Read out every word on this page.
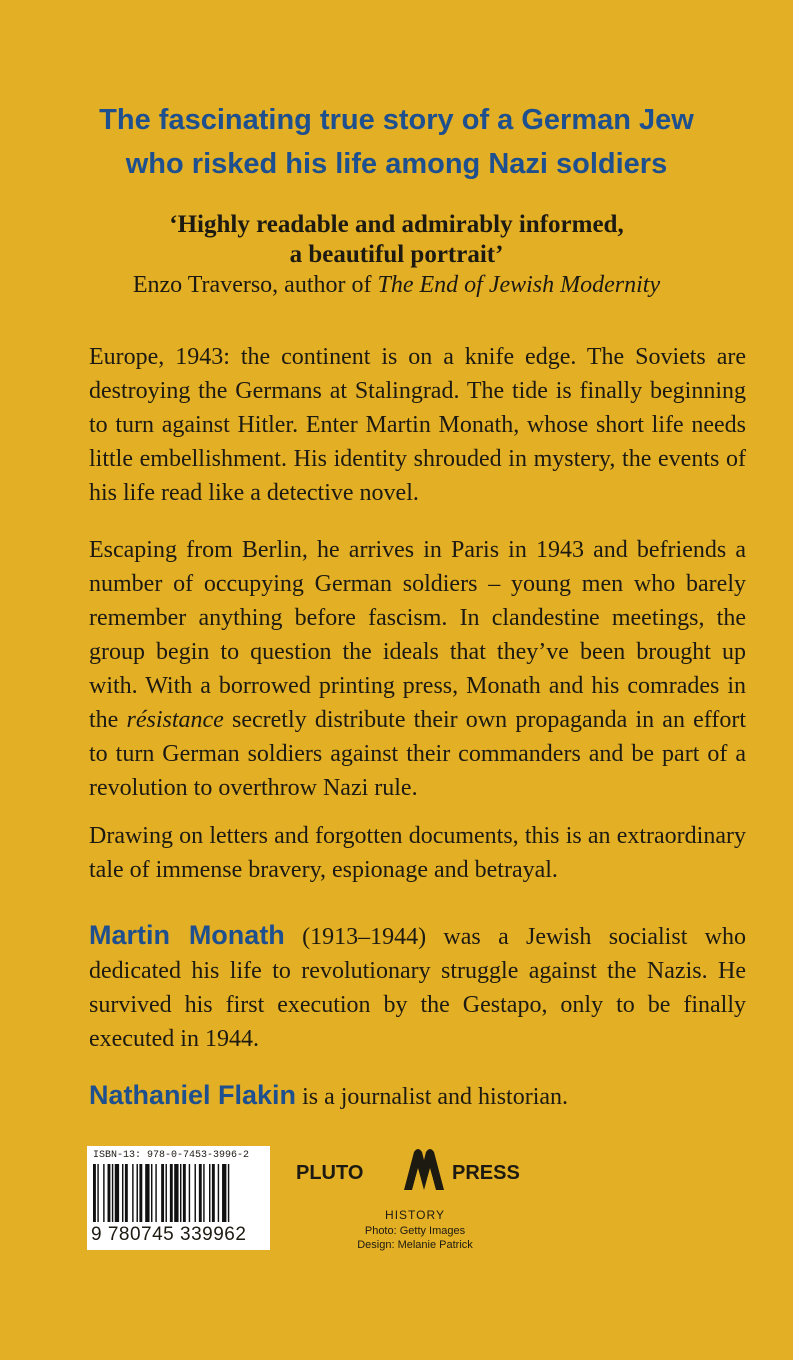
The fascinating true story of a German Jew
who risked his life among Nazi soldiers
‘Highly readable and admirably informed,
a beautiful portrait’
Enzo Traverso, author of The End of Jewish Modernity

Europe, 1943: the continent is on a knife edge. The Soviets are destroying the Germans at Stalingrad. The tide is finally beginning to turn against Hitler. Enter Martin Monath, whose short life needs little embellishment. His identity shrouded in mystery, the events of his life read like a detective novel.

Escaping from Berlin, he arrives in Paris in 1943 and befriends a number of occupying German soldiers – young men who barely remember anything before fascism. In clandestine meetings, the group begin to question the ideals that they’ve been brought up with. With a borrowed printing press, Monath and his comrades in the résistance secretly distribute their own propaganda in an effort to turn German soldiers against their commanders and be part of a revolution to overthrow Nazi rule.

Drawing on letters and forgotten documents, this is an extraordinary tale of immense bravery, espionage and betrayal.

Martin Monath (1913–1944) was a Jewish socialist who dedicated his life to revolutionary struggle against the Nazis. He survived his first execution by the Gestapo, only to be finally executed in 1944.

Nathaniel Flakin is a journalist and historian.

ISBN-13: 978-0-7453-3996-2
9 780745 339962
PLUTO	PRESS
HISTORY
Photo: Getty Images
Design: Melanie Patrick
